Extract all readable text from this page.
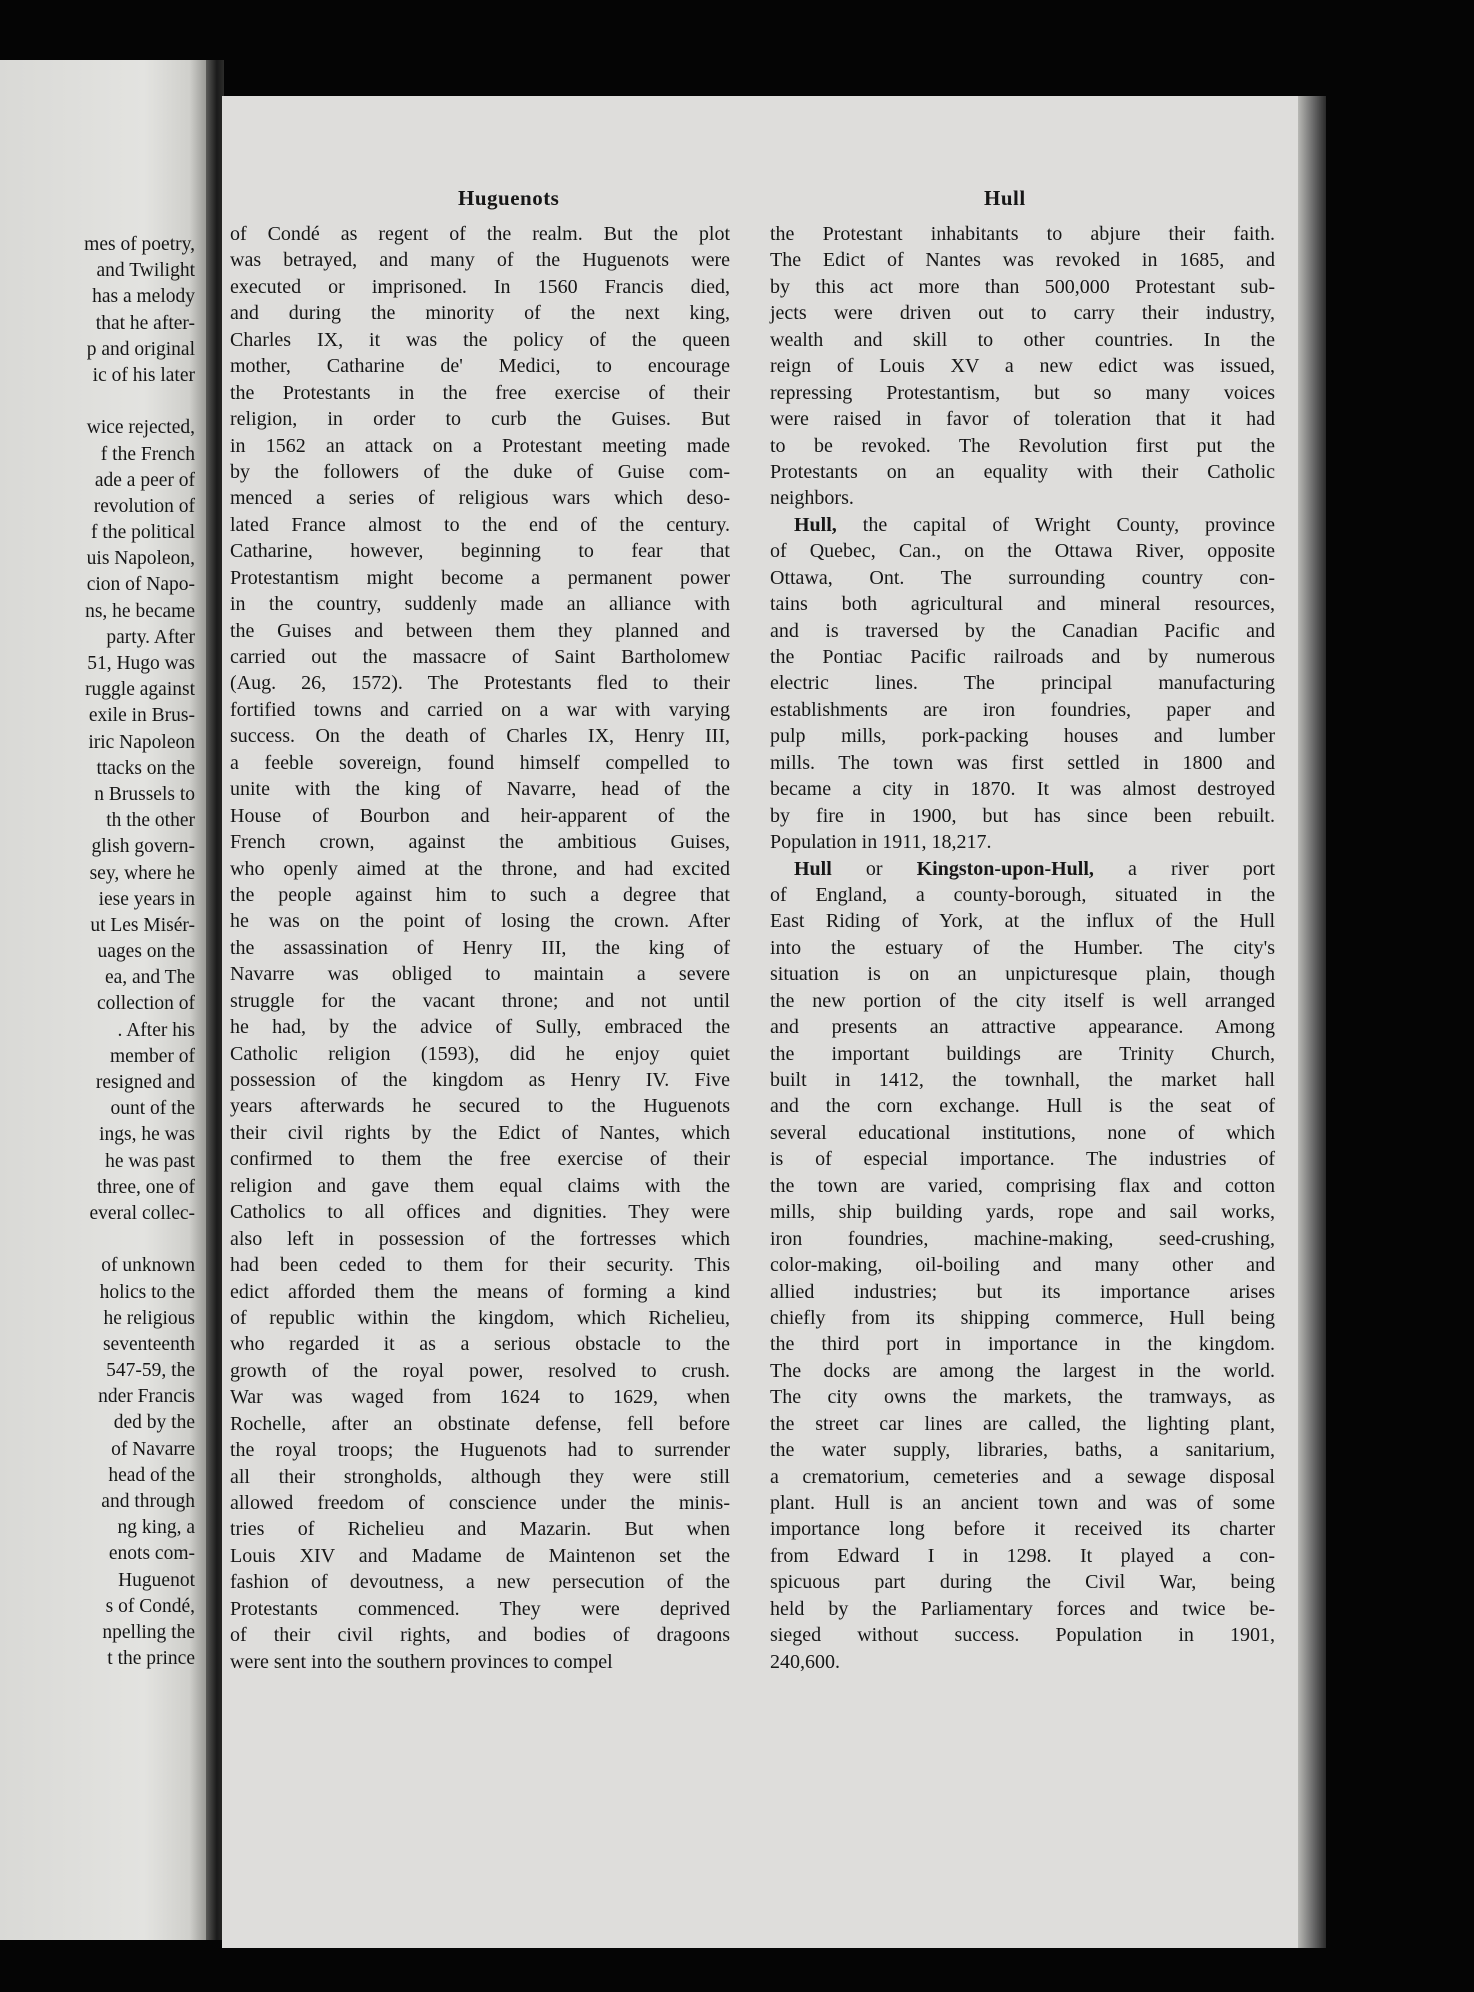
mes of poetry,
and Twilight
has a melody
that he after-
p and original
ic of his later

wice rejected,
f the French
ade a peer of
revolution of
f the political
uis Napoleon,
cion of Napo-
ns, he became
party. After
51, Hugo was
ruggle against
exile in Brus-
iric Napoleon
ttacks on the
n Brussels to
th the other
glish govern-
sey, where he
iese years in
ut Les Misér-
uages on the
ea, and The
collection of
. After his
member of
resigned and
ount of the
ings, he was
he was past
three, one of
everal collec-

of unknown
holics to the
he religious
seventeenth
547-59, the
nder Francis
ded by the
of Navarre
head of the
and through
ng king, a
enots com-
Huguenot
s of Condé,
npelling the
t the prince
Huguenots	Hull
of Condé as regent of the realm. But the plot
was betrayed, and many of the Huguenots were
executed or imprisoned. In 1560 Francis died,
and during the minority of the next king,
Charles IX, it was the policy of the queen
mother, Catharine de' Medici, to encourage
the Protestants in the free exercise of their
religion, in order to curb the Guises. But
in 1562 an attack on a Protestant meeting made
by the followers of the duke of Guise com-
menced a series of religious wars which deso-
lated France almost to the end of the century.
Catharine, however, beginning to fear that
Protestantism might become a permanent power
in the country, suddenly made an alliance with
the Guises and between them they planned and
carried out the massacre of Saint Bartholomew
(Aug. 26, 1572). The Protestants fled to their
fortified towns and carried on a war with varying
success. On the death of Charles IX, Henry III,
a feeble sovereign, found himself compelled to
unite with the king of Navarre, head of the
House of Bourbon and heir-apparent of the
French crown, against the ambitious Guises,
who openly aimed at the throne, and had excited
the people against him to such a degree that
he was on the point of losing the crown. After
the assassination of Henry III, the king of
Navarre was obliged to maintain a severe
struggle for the vacant throne; and not until
he had, by the advice of Sully, embraced the
Catholic religion (1593), did he enjoy quiet
possession of the kingdom as Henry IV. Five
years afterwards he secured to the Huguenots
their civil rights by the Edict of Nantes, which
confirmed to them the free exercise of their
religion and gave them equal claims with the
Catholics to all offices and dignities. They were
also left in possession of the fortresses which
had been ceded to them for their security. This
edict afforded them the means of forming a kind
of republic within the kingdom, which Richelieu,
who regarded it as a serious obstacle to the
growth of the royal power, resolved to crush.
War was waged from 1624 to 1629, when
Rochelle, after an obstinate defense, fell before
the royal troops; the Huguenots had to surrender
all their strongholds, although they were still
allowed freedom of conscience under the minis-
tries of Richelieu and Mazarin. But when
Louis XIV and Madame de Maintenon set the
fashion of devoutness, a new persecution of the
Protestants commenced. They were deprived
of their civil rights, and bodies of dragoons
were sent into the southern provinces to compel
the Protestant inhabitants to abjure their faith.
The Edict of Nantes was revoked in 1685, and
by this act more than 500,000 Protestant sub-
jects were driven out to carry their industry,
wealth and skill to other countries. In the
reign of Louis XV a new edict was issued,
repressing Protestantism, but so many voices
were raised in favor of toleration that it had
to be revoked. The Revolution first put the
Protestants on an equality with their Catholic
neighbors.
Hull, the capital of Wright County, province
of Quebec, Can., on the Ottawa River, opposite
Ottawa, Ont. The surrounding country con-
tains both agricultural and mineral resources,
and is traversed by the Canadian Pacific and
the Pontiac Pacific railroads and by numerous
electric lines. The principal manufacturing
establishments are iron foundries, paper and
pulp mills, pork-packing houses and lumber
mills. The town was first settled in 1800 and
became a city in 1870. It was almost destroyed
by fire in 1900, but has since been rebuilt.
Population in 1911, 18,217.
Hull or Kingston-upon-Hull, a river port
of England, a county-borough, situated in the
East Riding of York, at the influx of the Hull
into the estuary of the Humber. The city's
situation is on an unpicturesque plain, though
the new portion of the city itself is well arranged
and presents an attractive appearance. Among
the important buildings are Trinity Church,
built in 1412, the townhall, the market hall
and the corn exchange. Hull is the seat of
several educational institutions, none of which
is of especial importance. The industries of
the town are varied, comprising flax and cotton
mills, ship building yards, rope and sail works,
iron foundries, machine-making, seed-crushing,
color-making, oil-boiling and many other and
allied industries; but its importance arises
chiefly from its shipping commerce, Hull being
the third port in importance in the kingdom.
The docks are among the largest in the world.
The city owns the markets, the tramways, as
the street car lines are called, the lighting plant,
the water supply, libraries, baths, a sanitarium,
a crematorium, cemeteries and a sewage disposal
plant. Hull is an ancient town and was of some
importance long before it received its charter
from Edward I in 1298. It played a con-
spicuous part during the Civil War, being
held by the Parliamentary forces and twice be-
sieged without success. Population in 1901,
240,600.
